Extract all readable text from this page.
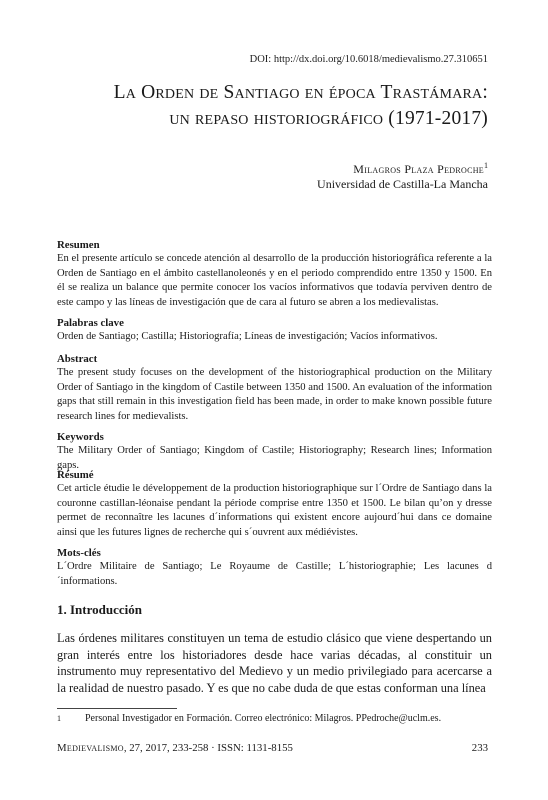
DOI: http://dx.doi.org/10.6018/medievalismo.27.310651
La Orden de Santiago en época Trastámara:
un repaso historiográfico (1971-2017)
Milagros Plaza Pedroche$^1$
Universidad de Castilla-La Mancha
Resumen

En el presente artículo se concede atención al desarrollo de la producción historiográfica referente a la Orden de Santiago en el ámbito castellanoleonés y en el periodo comprendido entre 1350 y 1500. En él se realiza un balance que permite conocer los vacíos informativos que todavía perviven dentro de este campo y las líneas de investigación que de cara al futuro se abren a los medievalistas.

Palabras clave

Orden de Santiago; Castilla; Historiografía; Líneas de investigación; Vacíos informativos.

Abstract

The present study focuses on the development of the historiographical production on the Military Order of Santiago in the kingdom of Castile between 1350 and 1500. An evaluation of the information gaps that still remain in this investigation field has been made, in order to make known possible future research lines for medievalists.

Keywords

The Military Order of Santiago; Kingdom of Castile; Historiography; Research lines; Information gaps.

Résumé

Cet article étudie le développement de la production historiographique sur l´Ordre de Santiago dans la couronne castillan-léonaise pendant la période comprise entre 1350 et 1500. Le bilan qu’on y dresse permet de reconnaître les lacunes d´informations qui existent encore aujourd´hui dans ce domaine ainsi que les futures lignes de recherche qui s´ouvrent aux médiévistes.

Mots-clés

L´Ordre Militaire de Santiago; Le Royaume de Castille; L´historiographie; Les lacunes d´informations.

1. Introducción

Las órdenes militares constituyen un tema de estudio clásico que viene despertando un gran interés entre los historiadores desde hace varias décadas, al constituir un instrumento muy representativo del Medievo y un medio privilegiado para acercarse a la realidad de nuestro pasado. Y es que no cabe duda de que estas conforman una línea

1 Personal Investigador en Formación. Correo electrónico: Milagros. PPedroche@uclm.es.
Medievalismo, 27, 2017, 233-258 · ISSN: 1131-8155	233
